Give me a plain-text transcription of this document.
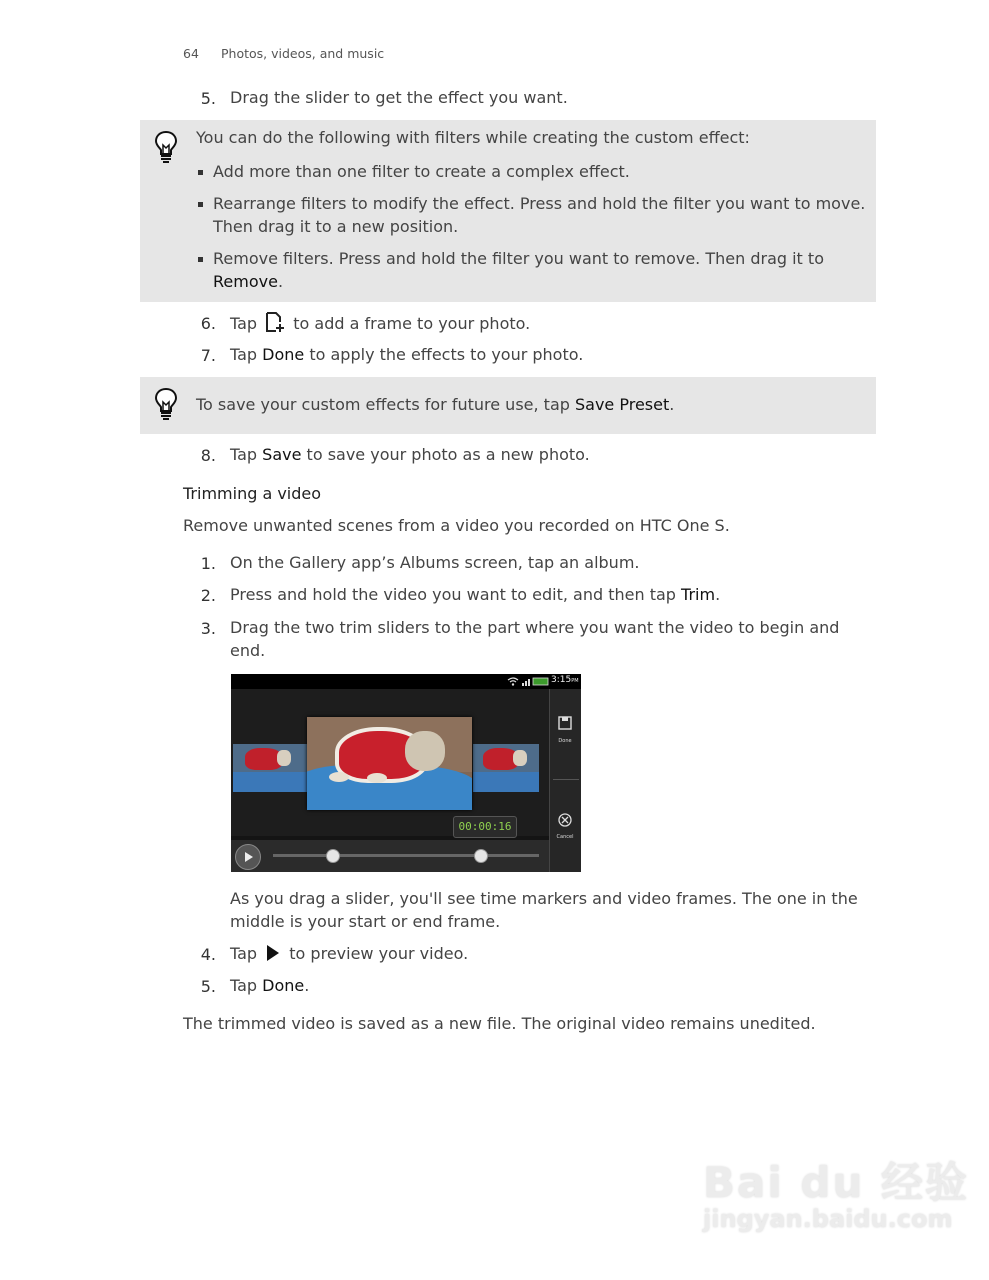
64 Photos, videos, and music
5. Drag the slider to get the effect you want.
You can do the following with filters while creating the custom effect:
Add more than one filter to create a complex effect.
Rearrange filters to modify the effect. Press and hold the filter you want to move.
Then drag it to a new position.
Remove filters. Press and hold the filter you want to remove. Then drag it to
Remove.
6. Tap to add a frame to your photo.
7. Tap Done to apply the effects to your photo.
To save your custom effects for future use, tap Save Preset.
8. Tap Save to save your photo as a new photo.
Trimming a video
Remove unwanted scenes from a video you recorded on HTC One S.
1. On the Gallery app’s Albums screen, tap an album.
2. Press and hold the video you want to edit, and then tap Trim.
3. Drag the two trim sliders to the part where you want the video to begin and
end.
3:15PM
Done
Cancel
00:00:16
As you drag a slider, you'll see time markers and video frames. The one in the
middle is your start or end frame.
4. Tap to preview your video.
5. Tap Done.
The trimmed video is saved as a new file. The original video remains unedited.
Bai du 经验
jingyan.baidu.com
